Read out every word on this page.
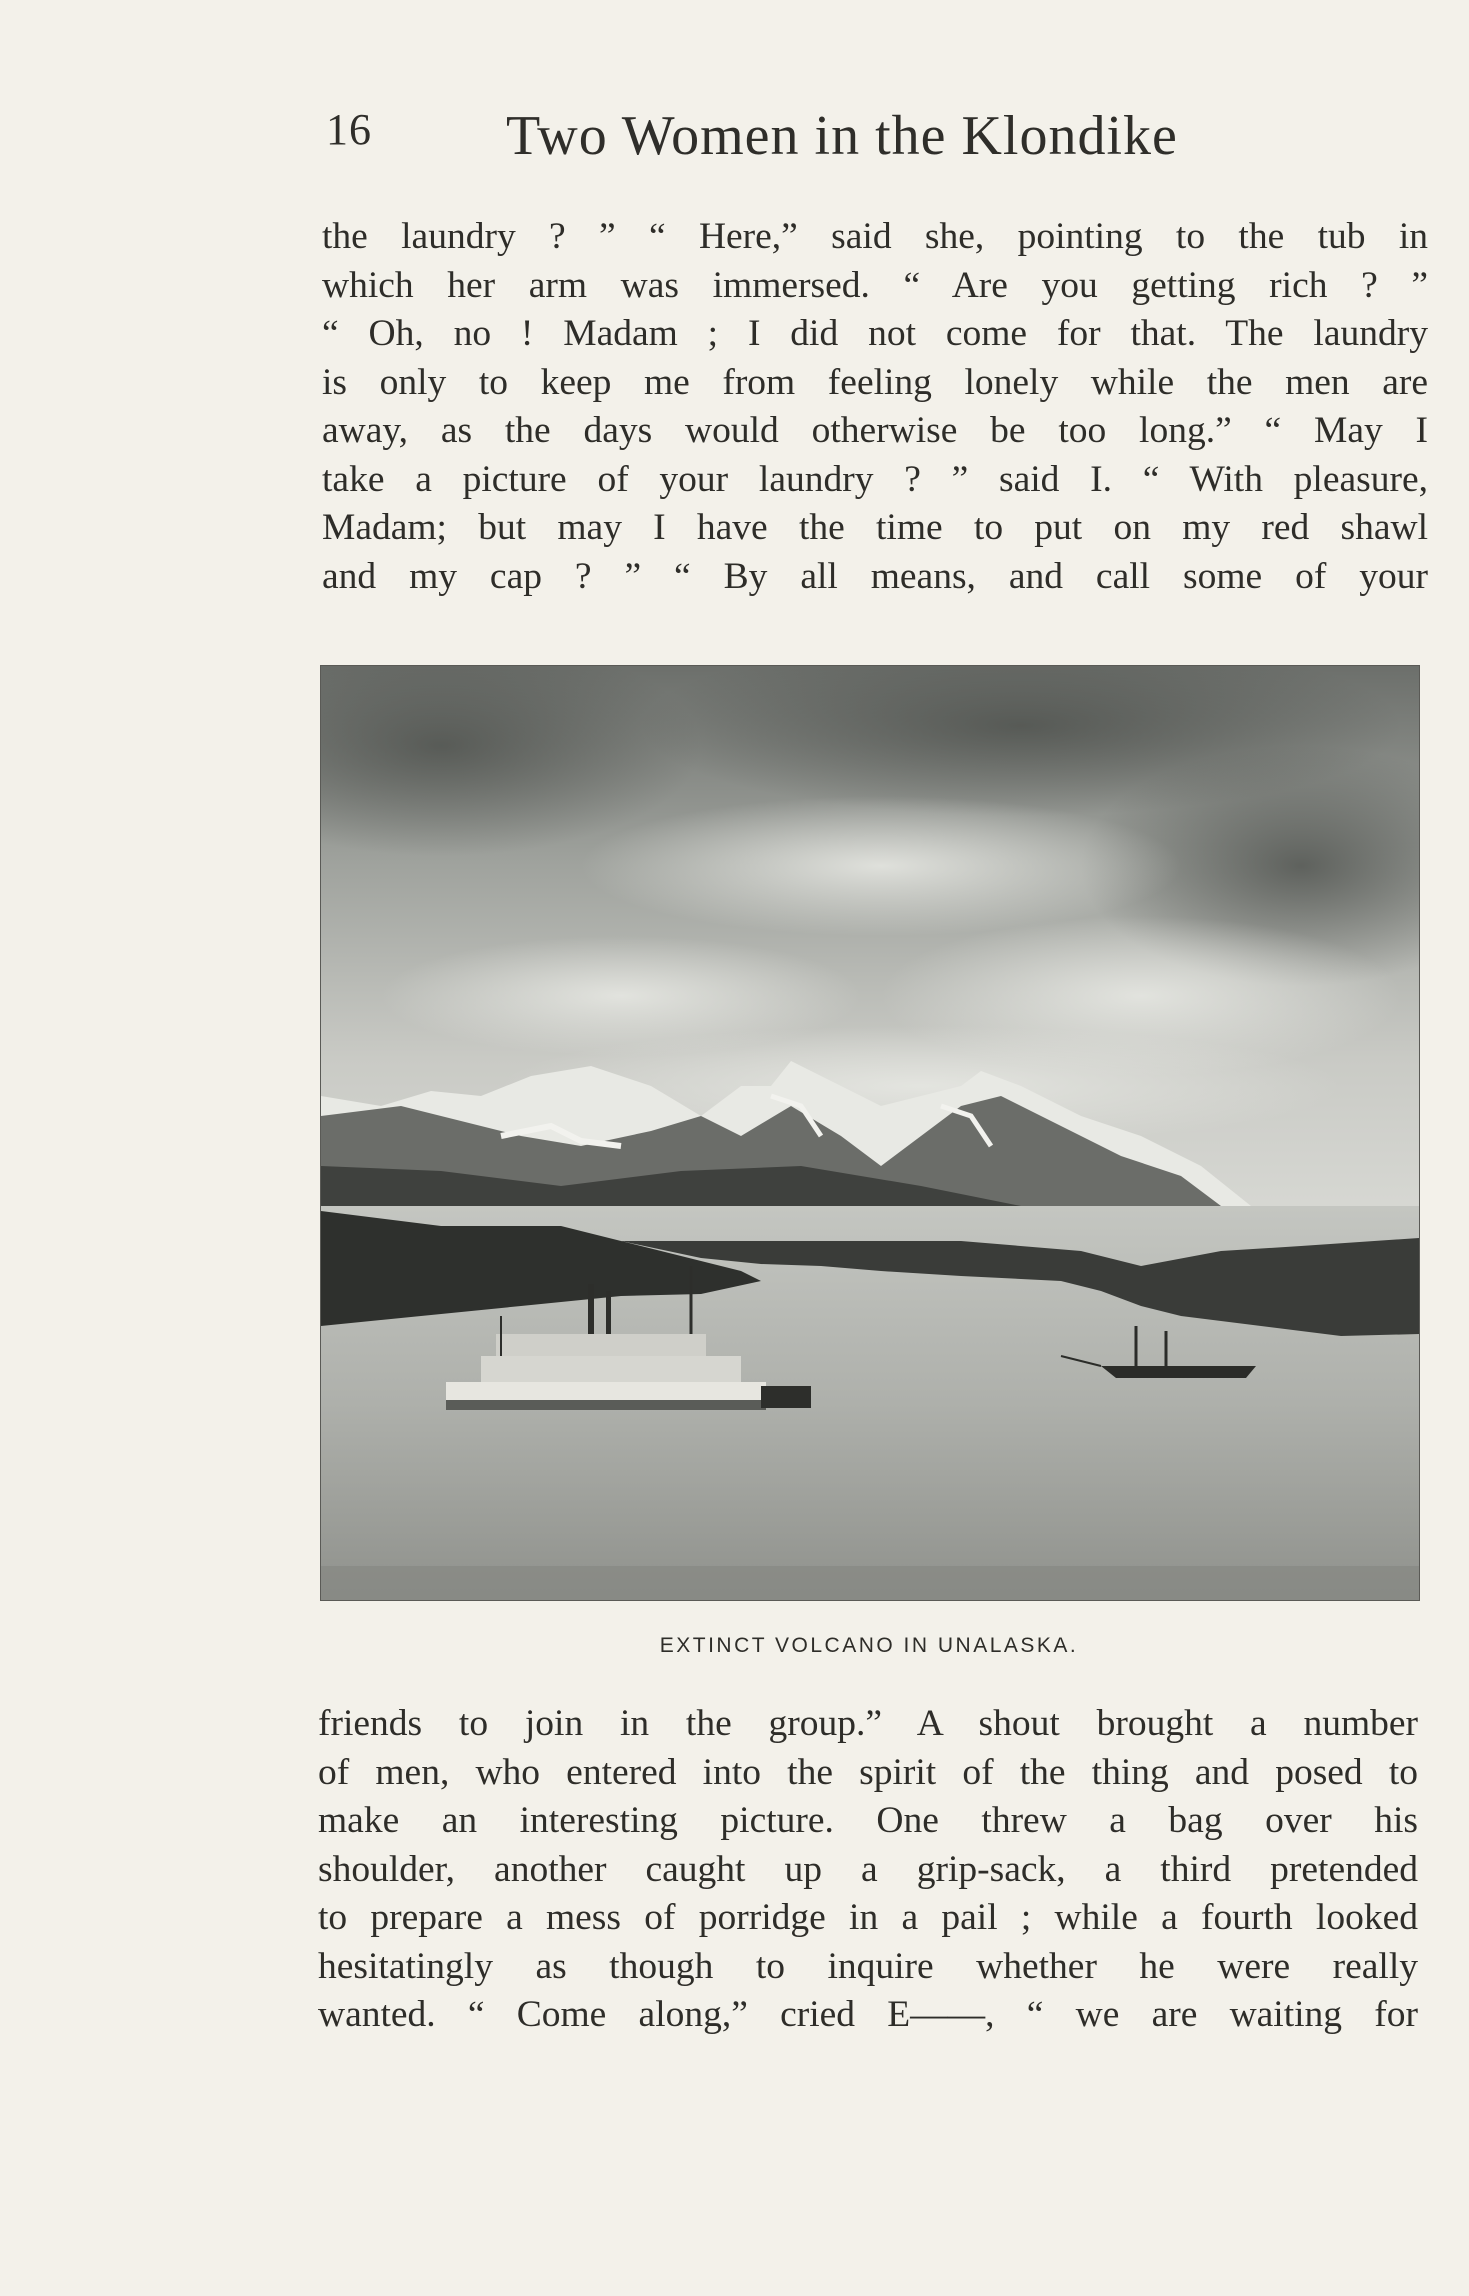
16 Two Women in the Klondike
the laundry ? ” “ Here,” said she, pointing to the tub in
which her arm was immersed. “ Are you getting rich ? ”
“ Oh, no ! Madam ; I did not come for that. The laundry
is only to keep me from feeling lonely while the men are
away, as the days would otherwise be too long.” “ May I
take a picture of your laundry ? ” said I. “ With pleasure,
Madam; but may I have the time to put on my red shawl
and my cap ? ” “ By all means, and call some of your
EXTINCT VOLCANO IN UNALASKA.
friends to join in the group.” A shout brought a number
of men, who entered into the spirit of the thing and posed to
make an interesting picture. One threw a bag over his
shoulder, another caught up a grip-sack, a third pretended
to prepare a mess of porridge in a pail ; while a fourth looked
hesitatingly as though to inquire whether he were really
wanted. “ Come along,” cried E——, “ we are waiting for
